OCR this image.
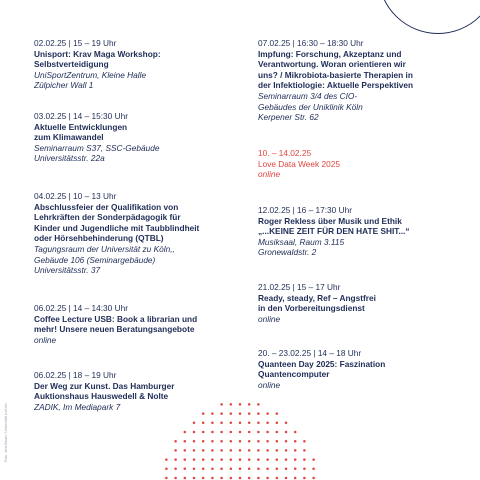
02.02.25 | 15 – 19 Uhr
Unisport: Krav Maga Workshop:
Selbstverteidigung
UniSportZentrum, Kleine Halle
Zülpicher Wall 1
03.02.25 | 14 – 15:30 Uhr
Aktuelle Entwicklungen
zum Klimawandel
Seminarraum S37, SSC-Gebäude
Universitätsstr. 22a
04.02.25 | 10 – 13 Uhr
Abschlussfeier der Qualifikation von
Lehrkräften der Sonderpädagogik für
Kinder und Jugendliche mit Taubblindheit
oder Hörsehbehinderung (QTBL)
Tagungsraum der Universität zu Köln,,
Gebäude 106 (Seminargebäude)
Universitätsstr. 37
06.02.25 | 14 – 14:30 Uhr
Coffee Lecture USB: Book a librarian und
mehr! Unsere neuen Beratungsangebote
online
06.02.25 | 18 – 19 Uhr
Der Weg zur Kunst. Das Hamburger
Auktionshaus Hauswedell & Nolte
ZADIK, Im Mediapark 7
07.02.25 | 16:30 – 18:30 Uhr
Impfung: Forschung, Akzeptanz und
Verantwortung. Woran orientieren wir
uns? / Mikrobiota-basierte Therapien in
der Infektiologie: Aktuelle Perspektiven
Seminarraum 3/4 des CIO-
Gebäudes der Uniklinik Köln
Kerpener Str. 62
10. – 14.02.25
Love Data Week 2025
online
12.02.25 | 16 – 17:30 Uhr
Roger Rekless über Musik und Ethik
„...KEINE ZEIT FÜR DEN HATE SHIT...“
Musiksaal, Raum 3.115
Gronewaldstr. 2
21.02.25 | 15 – 17 Uhr
Ready, steady, Ref – Angstfrei
in den Vorbereitungsdienst
online
20. – 23.02.25 | 14 – 18 Uhr
Quanteen Day 2025: Faszination
Quantencomputer
online
Foto: Jens Baum / Universität zu Köln
